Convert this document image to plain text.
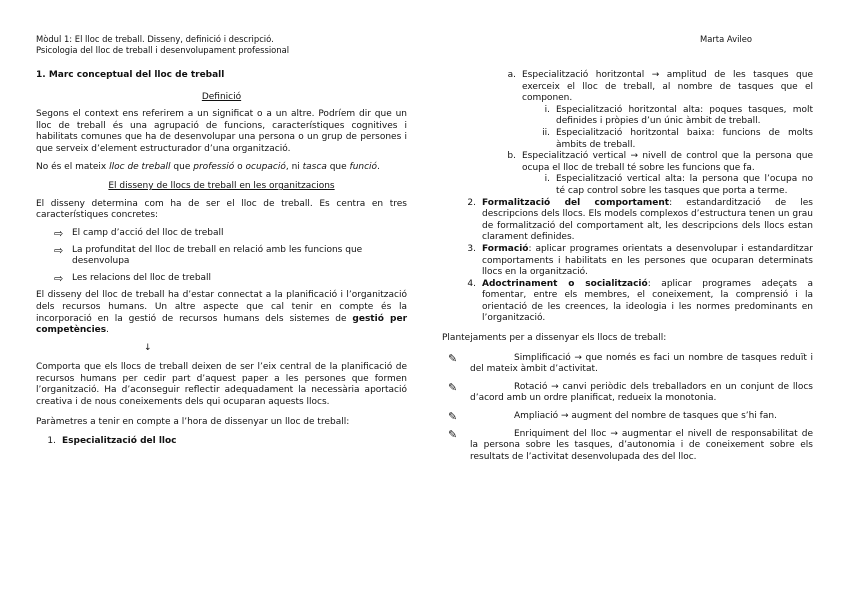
Mòdul 1: El lloc de treball. Disseny, definició i descripció.
Psicologia del lloc de treball i desenvolupament professional
Marta Avileo

1. Marc conceptual del lloc de treball

Definició

Segons el context ens referirem a un significat o a un altre. Podríem dir que un lloc de treball és una agrupació de funcions, característiques cognitives i habilitats comunes que ha de desenvolupar una persona o un grup de persones i que serveix d’element estructurador d’una organització.

No és el mateix lloc de treball que professió o ocupació, ni tasca que funció.

El disseny de llocs de treball en les organitzacions

El disseny determina com ha de ser el lloc de treball. Es centra en tres característiques concretes:

⇨ El camp d’acció del lloc de treball
⇨ La profunditat del lloc de treball en relació amb les funcions que desenvolupa
⇨ Les relacions del lloc de treball

El disseny del lloc de treball ha d’estar connectat a la planificació i l’organització dels recursos humans. Un altre aspecte que cal tenir en compte és la incorporació en la gestió de recursos humans dels sistemes de gestió per competències.

↓

Comporta que els llocs de treball deixen de ser l’eix central de la planificació de recursos humans per cedir part d’aquest paper a les persones que formen l’organització. Ha d’aconseguir reflectir adequadament la necessària aportació creativa i de nous coneixements dels qui ocuparan aquests llocs.

Paràmetres a tenir en compte a l’hora de dissenyar un lloc de treball:

1. Especialització del lloc
a. Especialització horitzontal → amplitud de les tasques que exerceix el lloc de treball, al nombre de tasques que el componen.
i. Especialització horitzontal alta: poques tasques, molt definides i pròpies d’un únic àmbit de treball.
ii. Especialització horitzontal baixa: funcions de molts àmbits de treball.
b. Especialització vertical → nivell de control que la persona que ocupa el lloc de treball té sobre les funcions que fa.
i. Especialització vertical alta: la persona que l’ocupa no té cap control sobre les tasques que porta a terme.
2. Formalització del comportament: estandardització de les descripcions dels llocs. Els models complexos d’estructura tenen un grau de formalització del comportament alt, les descripcions dels llocs estan clarament definides.
3. Formació: aplicar programes orientats a desenvolupar i estandarditzar comportaments i habilitats en les persones que ocuparan determinats llocs en la organització.
4. Adoctrinament o socialització: aplicar programes adeçats a fomentar, entre els membres, el coneixement, la comprensió i la orientació de les creences, la ideologia i les normes predominants en l’organització.

Plantejaments per a dissenyar els llocs de treball:

✎	Simplificació → que només es faci un nombre de tasques reduït i del mateix àmbit d’activitat.
✎	Rotació → canvi periòdic dels treballadors en un conjunt de llocs d’acord amb un ordre planificat, redueix la monotonia.
✎	Ampliació → augment del nombre de tasques que s’hi fan.
✎	Enriquiment del lloc → augmentar el nivell de responsabilitat de la persona sobre les tasques, d’autonomia i de coneixement sobre els resultats de l’activitat desenvolupada des del lloc.
